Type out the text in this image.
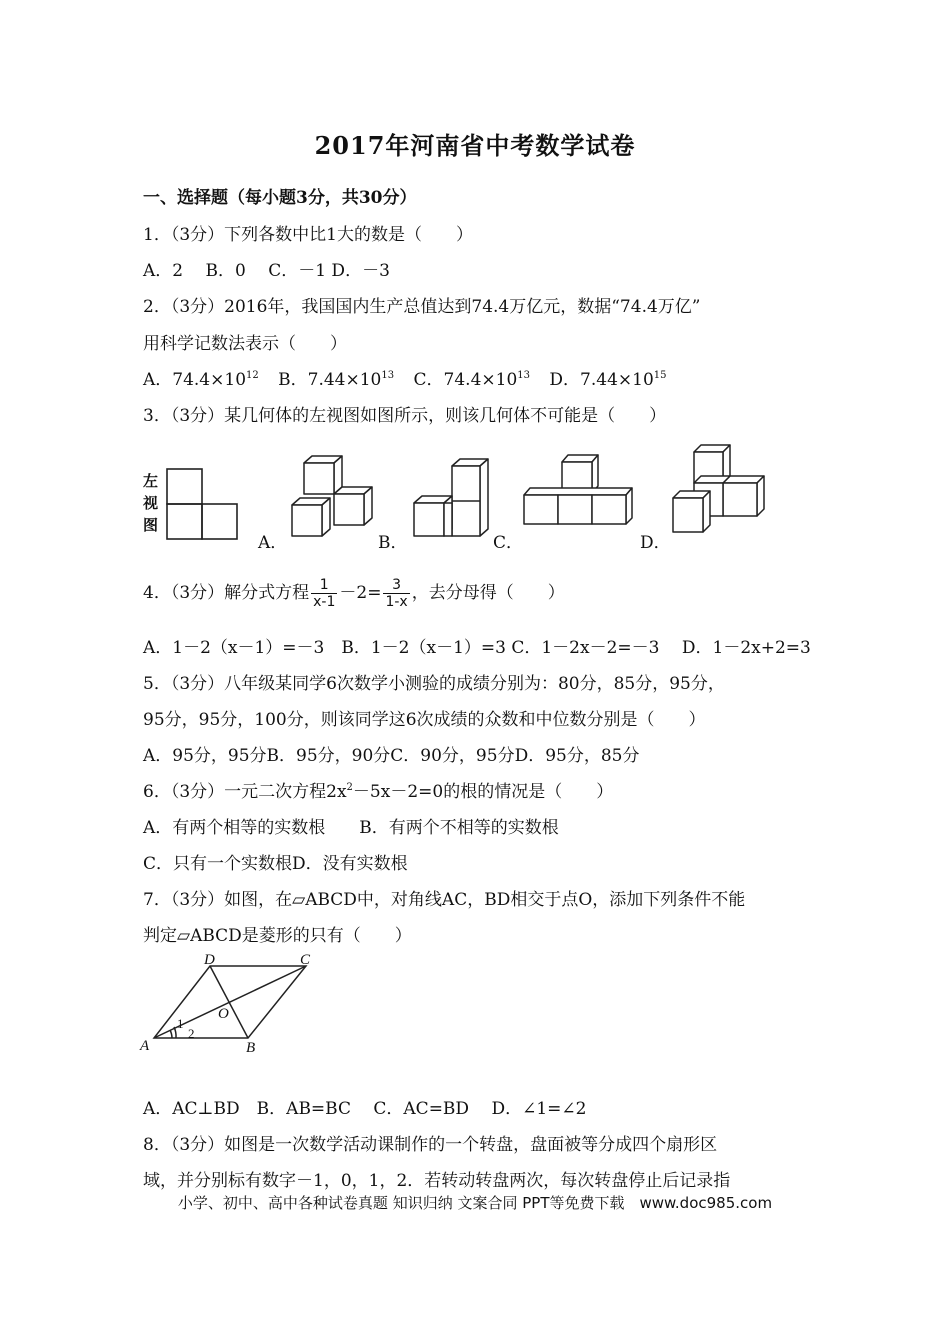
2017年河南省中考数学试卷
一、选择题（每小题3分，共30分）
1．（3分）下列各数中比1大的数是（　　）
A．2　 B．0　 C．－1 D．－3
2．（3分）2016年，我国国内生产总值达到74.4万亿元，数据“74.4万亿”
用科学记数法表示（　　）
A．$74.4\times 10^{12}$ B．$7.44\times 10^{13}$ C．$74.4\times 10^{13}$ D．$7.44\times 10^{15}$
3．（3分）某几何体的左视图如图所示，则该几何体不可能是（　　）
左
视
图
A．	B．	C．	D．
4．（3分）解分式方程 $\frac{1}{x-1} -2= \frac{3}{1-x}$ ，去分母得（　　）
A．1－2（x－1）=－3　B．1－2（x－1）=3 C．1－2x－2=－3　 D．1－2x+2=3
5．（3分）八年级某同学6次数学小测验的成绩分别为：80分，85分，95分，
95分，95分，100分，则该同学这6次成绩的众数和中位数分别是（　　）
A．95分，95分B．95分，90分C．90分，95分D．95分，85分
6．（3分）一元二次方程$2x^2-5x-2=0$的根的情况是（　　）
A．有两个相等的实数根　　B．有两个不相等的实数根
C．只有一个实数根D．没有实数根
7．（3分）如图，在▱ABCD中，对角线AC，BD相交于点O，添加下列条件不能
判定▱ABCD是菱形的只有（　　）
A	B
C
D
O
1
2
A．AC⊥BD　B．AB=BC　 C．AC=BD　 D．∠1=∠2
8．（3分）如图是一次数学活动课制作的一个转盘，盘面被等分成四个扇形区
域，并分别标有数字－1，0，1，2．若转动转盘两次，每次转盘停止后记录指
小学、初中、高中各种试卷真题 知识归纳 文案合同 PPT等免费下载　www.doc985.com
